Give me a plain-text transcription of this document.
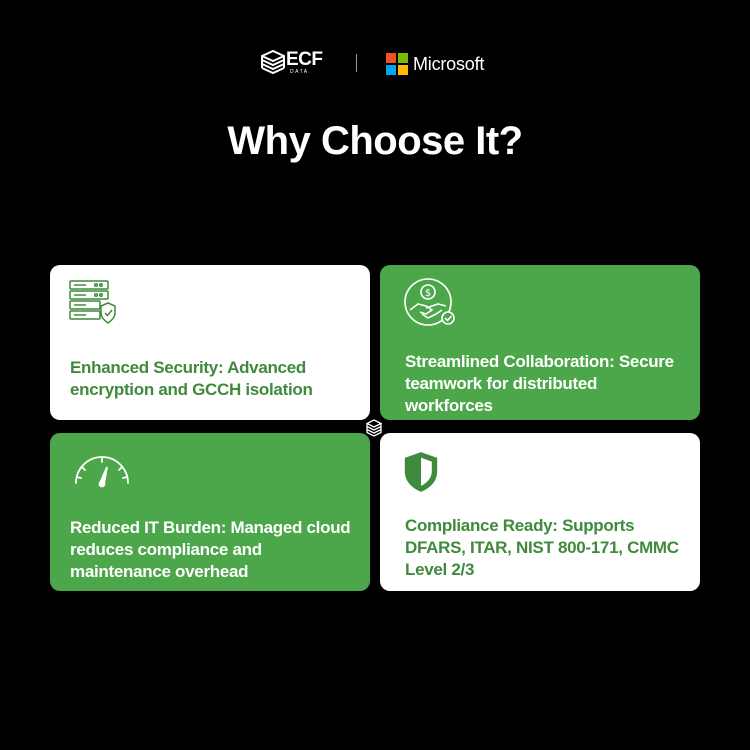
ECF
DATA	Microsoft
Why Choose It?
Enhanced Security: Advanced encryption and GCCH isolation
$
Streamlined Collaboration: Secure teamwork for distributed workforces
Reduced IT Burden: Managed cloud reduces compliance and maintenance overhead
Compliance Ready: Supports DFARS, ITAR, NIST 800-171, CMMC Level 2/3
